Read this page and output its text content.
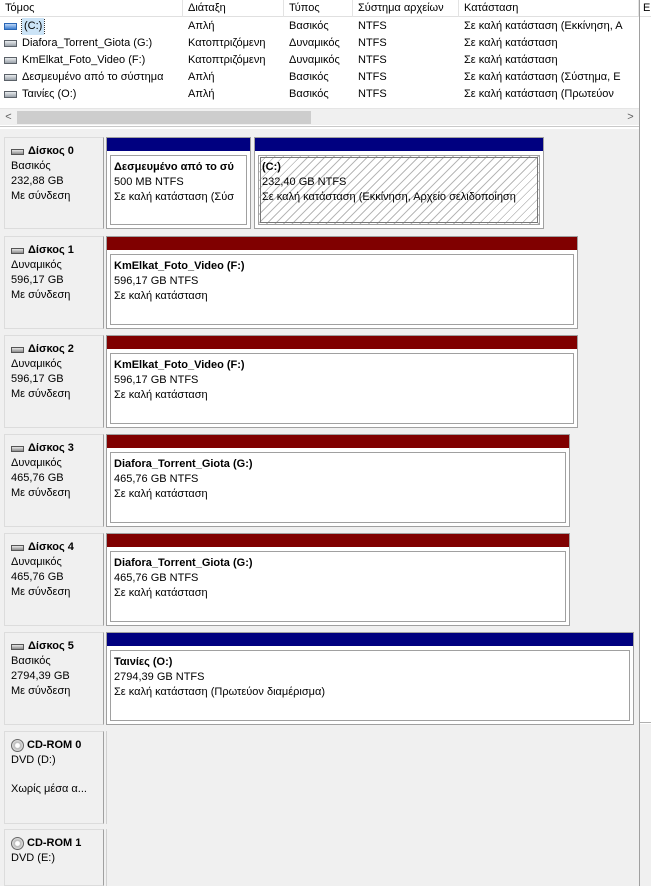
Τόμος	Διάταξη	Τύπος	Σύστημα αρχείων	Κατάσταση
(C:)	Απλή	Βασικός	NTFS	Σε καλή κατάσταση (Εκκίνηση, Α
Diafora_Torrent_Giota (G:)	Κατοπτριζόμενη	Δυναμικός	NTFS	Σε καλή κατάσταση
KmElkat_Foto_Video (F:)	Κατοπτριζόμενη	Δυναμικός	NTFS	Σε καλή κατάσταση
Δεσμευμένο από το σύστημα	Απλή	Βασικός	NTFS	Σε καλή κατάσταση (Σύστημα, Ε
Ταινίες (O:)	Απλή	Βασικός	NTFS	Σε καλή κατάσταση (Πρωτεύον
<	>
Ε
Δίσκος 0
Βασικός
232,88 GB
Με σύνδεση
Δεσμευμένο από το σύ
500 MB NTFS
Σε καλή κατάσταση (Σύσ
(C:)
232,40 GB NTFS
Σε καλή κατάσταση (Εκκίνηση, Αρχείο σελιδοποίηση
Δίσκος 1
Δυναμικός
596,17 GB
Με σύνδεση
KmElkat_Foto_Video (F:)
596,17 GB NTFS
Σε καλή κατάσταση
Δίσκος 2
Δυναμικός
596,17 GB
Με σύνδεση
KmElkat_Foto_Video (F:)
596,17 GB NTFS
Σε καλή κατάσταση
Δίσκος 3
Δυναμικός
465,76 GB
Με σύνδεση
Diafora_Torrent_Giota (G:)
465,76 GB NTFS
Σε καλή κατάσταση
Δίσκος 4
Δυναμικός
465,76 GB
Με σύνδεση
Diafora_Torrent_Giota (G:)
465,76 GB NTFS
Σε καλή κατάσταση
Δίσκος 5
Βασικός
2794,39 GB
Με σύνδεση
Ταινίες (O:)
2794,39 GB NTFS
Σε καλή κατάσταση (Πρωτεύον διαμέρισμα)
CD-ROM 0
DVD (D:)
Χωρίς μέσα α...
CD-ROM 1
DVD (E:)
